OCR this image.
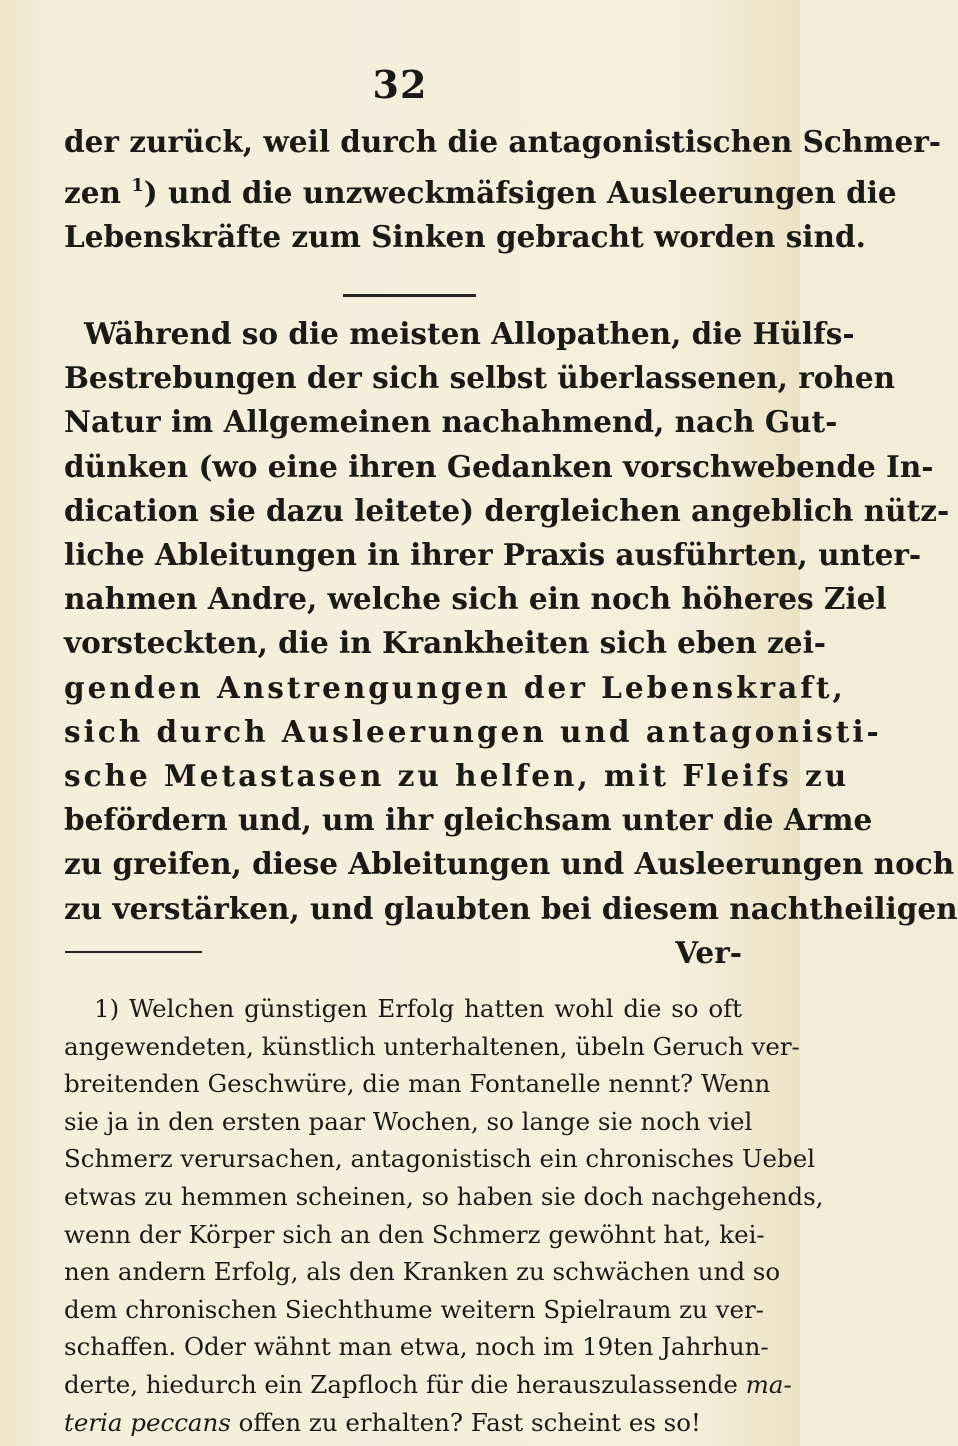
32
der zurück, weil durch die antagonistischen Schmer-
zen $^1$) und die unzweckmäfsigen Ausleerungen die
Lebenskräfte zum Sinken gebracht worden sind.
Während so die meisten Allopathen, die Hülfs-
Bestrebungen der sich selbst überlassenen, rohen
Natur im Allgemeinen nachahmend, nach Gut-
dünken (wo eine ihren Gedanken vorschwebende In-
dication sie dazu leitete) dergleichen angeblich nütz-
liche Ableitungen in ihrer Praxis ausführten, unter-
nahmen Andre, welche sich ein noch höheres Ziel
vorsteckten, die in Krankheiten sich eben zei-
genden Anstrengungen der Lebenskraft,
sich durch Ausleerungen und antagonisti-
sche Metastasen zu helfen, mit Fleifs zu
befördern und, um ihr gleichsam unter die Arme
zu greifen, diese Ableitungen und Ausleerungen noch
zu verstärken, und glaubten bei diesem nachtheiligen
Ver-
1) Welchen günstigen Erfolg hatten wohl die so oft
angewendeten, künstlich unterhaltenen, übeln Geruch ver-
breitenden Geschwüre, die man Fontanelle nennt? Wenn
sie ja in den ersten paar Wochen, so lange sie noch viel
Schmerz verursachen, antagonistisch ein chronisches Uebel
etwas zu hemmen scheinen, so haben sie doch nachgehends,
wenn der Körper sich an den Schmerz gewöhnt hat, kei-
nen andern Erfolg, als den Kranken zu schwächen und so
dem chronischen Siechthume weitern Spielraum zu ver-
schaffen. Oder wähnt man etwa, noch im 19ten Jahrhun-
derte, hiedurch ein Zapfloch für die herauszulassende ma-
teria peccans offen zu erhalten? Fast scheint es so!
